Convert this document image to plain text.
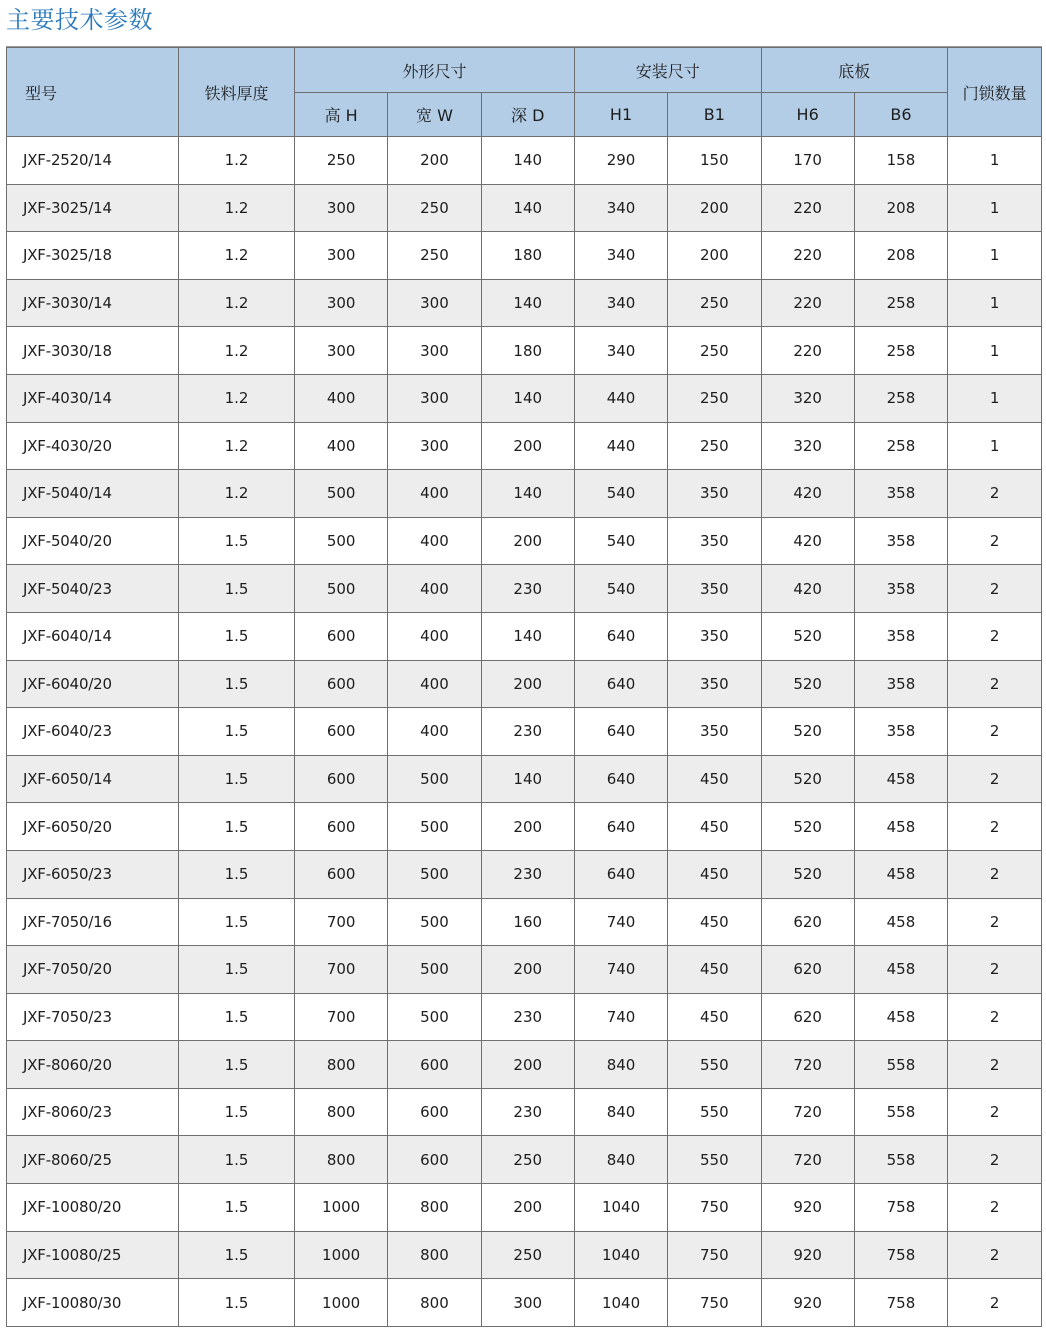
主要技术参数
型号	铁料厚度	外形尺寸			安装尺寸		底板		门锁数量
		高 H	宽 W	深 D	H1	B1	H6	B6	
JXF-2520/14	1.2	250	200	140	290	150	170	158	1
JXF-3025/14	1.2	300	250	140	340	200	220	208	1
JXF-3025/18	1.2	300	250	180	340	200	220	208	1
JXF-3030/14	1.2	300	300	140	340	250	220	258	1
JXF-3030/18	1.2	300	300	180	340	250	220	258	1
JXF-4030/14	1.2	400	300	140	440	250	320	258	1
JXF-4030/20	1.2	400	300	200	440	250	320	258	1
JXF-5040/14	1.2	500	400	140	540	350	420	358	2
JXF-5040/20	1.5	500	400	200	540	350	420	358	2
JXF-5040/23	1.5	500	400	230	540	350	420	358	2
JXF-6040/14	1.5	600	400	140	640	350	520	358	2
JXF-6040/20	1.5	600	400	200	640	350	520	358	2
JXF-6040/23	1.5	600	400	230	640	350	520	358	2
JXF-6050/14	1.5	600	500	140	640	450	520	458	2
JXF-6050/20	1.5	600	500	200	640	450	520	458	2
JXF-6050/23	1.5	600	500	230	640	450	520	458	2
JXF-7050/16	1.5	700	500	160	740	450	620	458	2
JXF-7050/20	1.5	700	500	200	740	450	620	458	2
JXF-7050/23	1.5	700	500	230	740	450	620	458	2
JXF-8060/20	1.5	800	600	200	840	550	720	558	2
JXF-8060/23	1.5	800	600	230	840	550	720	558	2
JXF-8060/25	1.5	800	600	250	840	550	720	558	2
JXF-10080/20	1.5	1000	800	200	1040	750	920	758	2
JXF-10080/25	1.5	1000	800	250	1040	750	920	758	2
JXF-10080/30	1.5	1000	800	300	1040	750	920	758	2
